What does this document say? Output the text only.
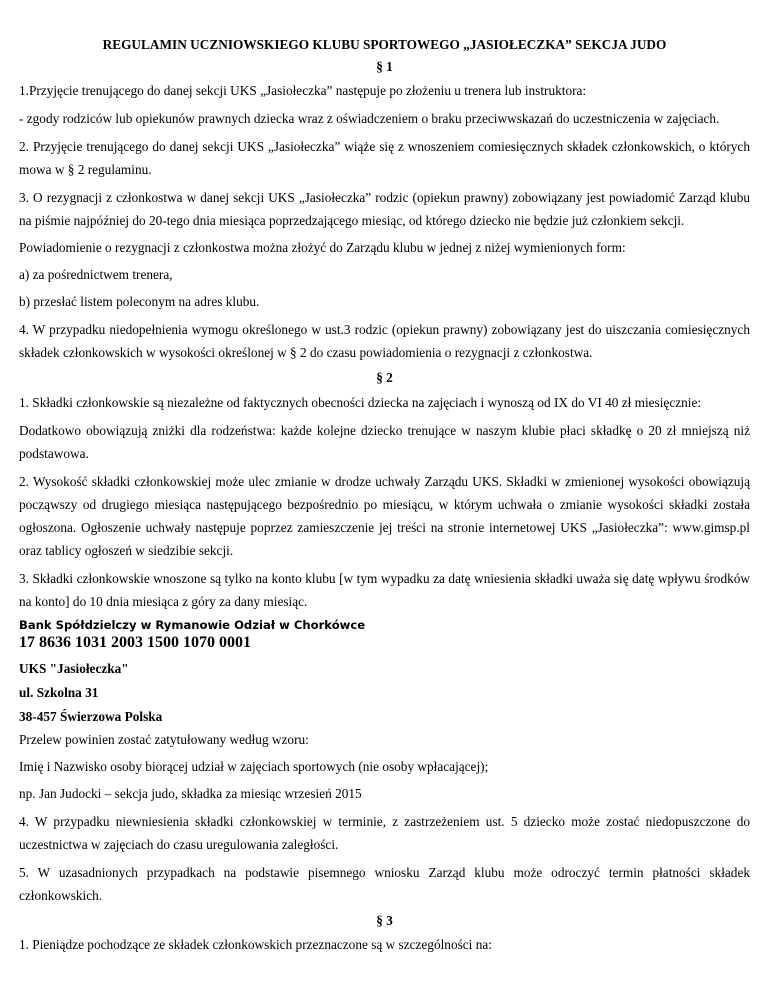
REGULAMIN UCZNIOWSKIEGO KLUBU SPORTOWEGO „JASIOŁECZKA” SEKCJA JUDO
§ 1
1.Przyjęcie trenującego do danej sekcji UKS „Jasiołeczka” następuje po złożeniu u trenera lub instruktora:
- zgody rodziców lub opiekunów prawnych dziecka wraz z oświadczeniem o braku przeciwwskazań do uczestniczenia w zajęciach.
2. Przyjęcie trenującego do danej sekcji UKS „Jasiołeczka” wiąże się z wnoszeniem comiesięcznych składek członkowskich, o których mowa w § 2 regulaminu.
3. O rezygnacji z członkostwa w danej sekcji UKS „Jasiołeczka” rodzic (opiekun prawny) zobowiązany jest powiadomić Zarząd klubu na piśmie najpóźniej do 20-tego dnia miesiąca poprzedzającego miesiąc, od którego dziecko nie będzie już członkiem sekcji.
Powiadomienie o rezygnacji z członkostwa można złożyć do Zarządu klubu w jednej z niżej wymienionych form:
a) za pośrednictwem trenera,
b) przesłać listem poleconym na adres klubu.
4. W przypadku niedopełnienia wymogu określonego w ust.3 rodzic (opiekun prawny) zobowiązany jest do uiszczania comiesięcznych składek członkowskich w wysokości określonej w § 2 do czasu powiadomienia o rezygnacji z członkostwa.
§ 2
1. Składki członkowskie są niezależne od faktycznych obecności dziecka na zajęciach i wynoszą od IX do VI 40 zł miesięcznie:
Dodatkowo obowiązują zniżki dla rodzeństwa: każde kolejne dziecko trenujące w naszym klubie płaci składkę o 20 zł mniejszą niż podstawowa.
2. Wysokość składki członkowskiej może ulec zmianie w drodze uchwały Zarządu UKS. Składki w zmienionej wysokości obowiązują począwszy od drugiego miesiąca następującego bezpośrednio po miesiącu, w którym uchwała o zmianie wysokości składki została ogłoszona. Ogłoszenie uchwały następuje poprzez zamieszczenie jej treści na stronie internetowej UKS „Jasiołeczka”: www.gimsp.pl oraz tablicy ogłoszeń w siedzibie sekcji.
3. Składki członkowskie wnoszone są tylko na konto klubu [w tym wypadku za datę wniesienia składki uważa się datę wpływu środków na konto] do 10 dnia miesiąca z góry za dany miesiąc.
Bank Spółdzielczy w Rymanowie Odział w Chorkówce
17 8636 1031 2003 1500 1070 0001
UKS "Jasiołeczka"
ul. Szkolna 31
38-457 Świerzowa Polska
Przelew powinien zostać zatytułowany według wzoru:
Imię i Nazwisko osoby biorącej udział w zajęciach sportowych (nie osoby wpłacającej);
np. Jan Judocki – sekcja judo, składka za miesiąc wrzesień 2015
4. W przypadku niewniesienia składki członkowskiej w terminie, z zastrzeżeniem ust. 5 dziecko może zostać niedopuszczone do uczestnictwa w zajęciach do czasu uregulowania zaległości.
5. W uzasadnionych przypadkach na podstawie pisemnego wniosku Zarząd klubu może odroczyć termin płatności składek członkowskich.
§ 3
1. Pieniądze pochodzące ze składek członkowskich przeznaczone są w szczególności na:
